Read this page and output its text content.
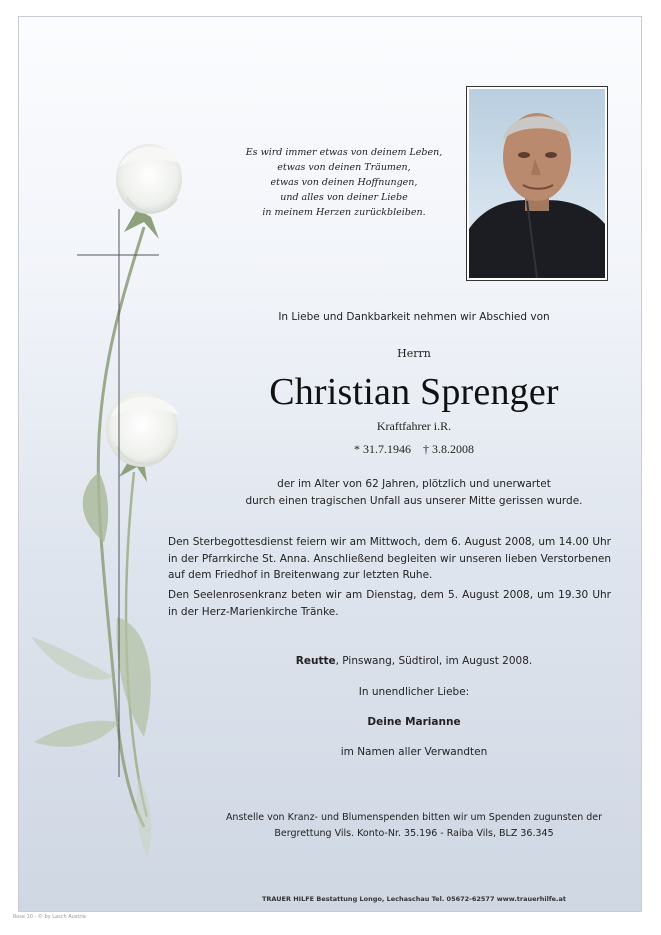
Es wird immer etwas von deinem Leben,
etwas von deinen Träumen,
etwas von deinen Hoffnungen,
und alles von deiner Liebe
in meinem Herzen zurückbleiben.
In Liebe und Dankbarkeit nehmen wir Abschied von
Herrn
Christian Sprenger
Kraftfahrer i.R.
* 31.7.1946 † 3.8.2008
der im Alter von 62 Jahren, plötzlich und unerwartet
durch einen tragischen Unfall aus unserer Mitte gerissen wurde.
Den Sterbegottesdienst feiern wir am Mittwoch, dem 6. August 2008, um 14.00 Uhr in der Pfarrkirche St. Anna. Anschließend begleiten wir unseren lieben Verstorbenen auf dem Friedhof in Breitenwang zur letzten Ruhe.
Den Seelenrosenkranz beten wir am Dienstag, dem 5. August 2008, um 19.30 Uhr in der Herz-Marienkirche Tränke.
Reutte, Pinswang, Südtirol, im August 2008.
In unendlicher Liebe:
Deine Marianne
im Namen aller Verwandten
Anstelle von Kranz- und Blumenspenden bitten wir um Spenden zugunsten der
Bergrettung Vils. Konto-Nr. 35.196 - Raiba Vils, BLZ 36.345
TRAUER HILFE Bestattung Longo, Lechaschau Tel. 05672-62577 www.trauerhilfe.at
Rose 10 - © by Lasch Austria
